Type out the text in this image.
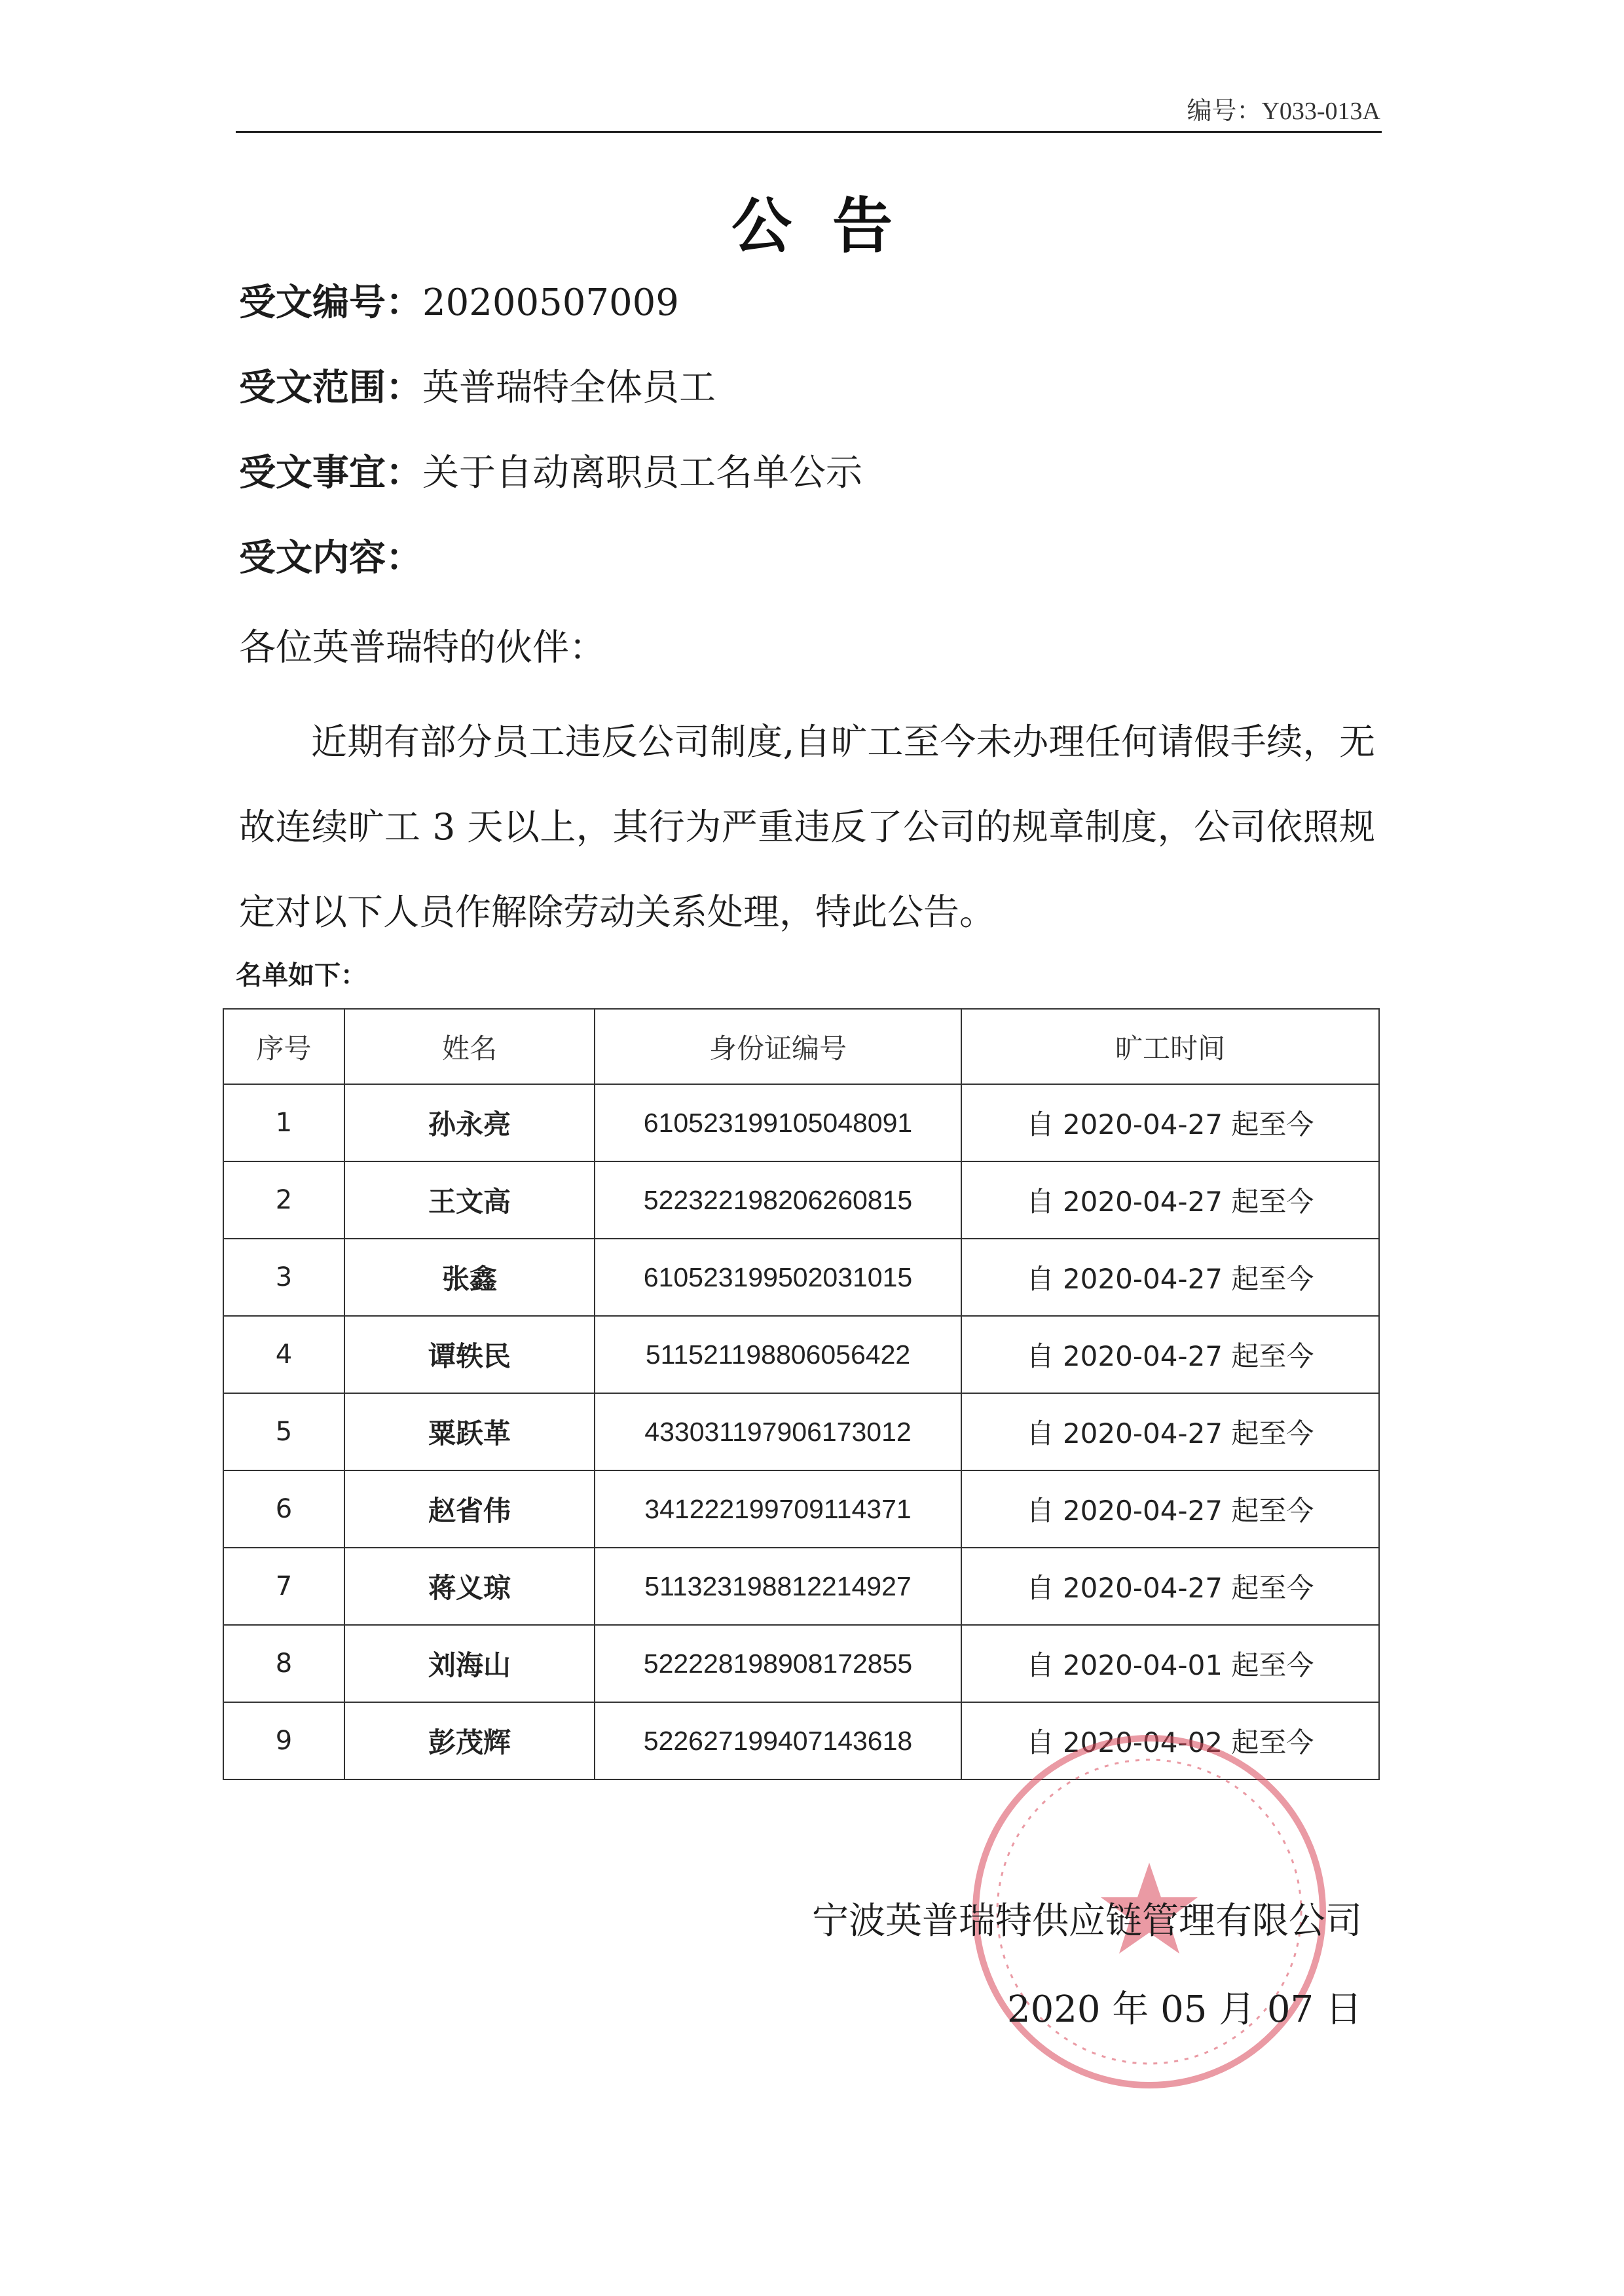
编号：Y033-013A
公告
受文编号：20200507009
受文范围：英普瑞特全体员工
受文事宜：关于自动离职员工名单公示
受文内容：
各位英普瑞特的伙伴：
近期有部分员工违反公司制度,自旷工至今未办理任何请假手续，无故连续旷工 3 天以上，其行为严重违反了公司的规章制度，公司依照规定对以下人员作解除劳动关系处理，特此公告。
名单如下：
序号	姓名	身份证编号	旷工时间
1	孙永亮	610523199105048091	自 2020-04-27 起至今
2	王文高	522322198206260815	自 2020-04-27 起至今
3	张鑫	610523199502031015	自 2020-04-27 起至今
4	谭轶民	511521198806056422	自 2020-04-27 起至今
5	粟跃革	433031197906173012	自 2020-04-27 起至今
6	赵省伟	341222199709114371	自 2020-04-27 起至今
7	蒋义琼	511323198812214927	自 2020-04-27 起至今
8	刘海山	522228198908172855	自 2020-04-01 起至今
9	彭茂辉	522627199407143618	自 2020-04-02 起至今
宁波英普瑞特供应链管理有限公司
2020 年 05 月 07 日
